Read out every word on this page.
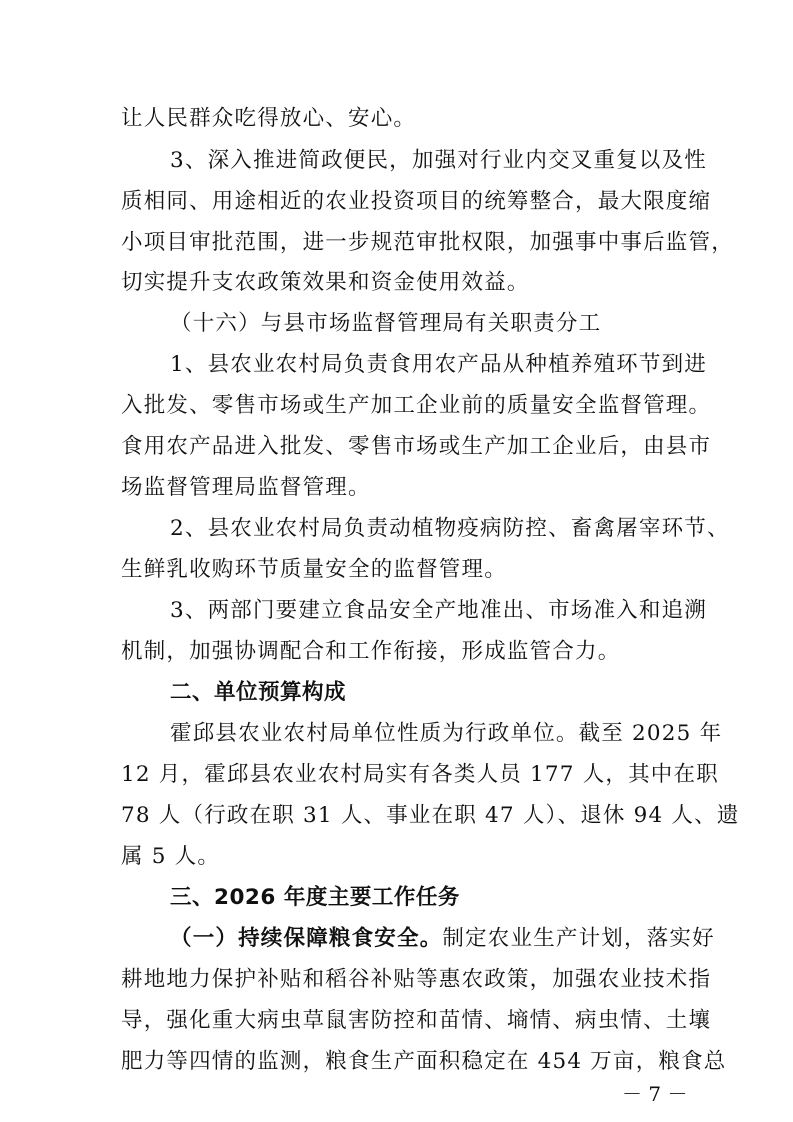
让人民群众吃得放心、安心。
3、深入推进简政便民，加强对行业内交叉重复以及性
质相同、用途相近的农业投资项目的统筹整合，最大限度缩
小项目审批范围，进一步规范审批权限，加强事中事后监管，
切实提升支农政策效果和资金使用效益。
（十六）与县市场监督管理局有关职责分工
1、县农业农村局负责食用农产品从种植养殖环节到进
入批发、零售市场或生产加工企业前的质量安全监督管理。
食用农产品进入批发、零售市场或生产加工企业后，由县市
场监督管理局监督管理。
2、县农业农村局负责动植物疫病防控、畜禽屠宰环节、
生鲜乳收购环节质量安全的监督管理。
3、两部门要建立食品安全产地准出、市场准入和追溯
机制，加强协调配合和工作衔接，形成监管合力。
二、单位预算构成
霍邱县农业农村局单位性质为行政单位。截至 2025 年
12 月，霍邱县农业农村局实有各类人员 177 人，其中在职
78 人（行政在职 31 人、事业在职 47 人）、退休 94 人、遗
属 5 人。
三、2026 年度主要工作任务
（一）持续保障粮食安全。制定农业生产计划，落实好
耕地地力保护补贴和稻谷补贴等惠农政策，加强农业技术指
导，强化重大病虫草鼠害防控和苗情、墒情、病虫情、土壤
肥力等四情的监测，粮食生产面积稳定在 454 万亩，粮食总
－ 7 －
